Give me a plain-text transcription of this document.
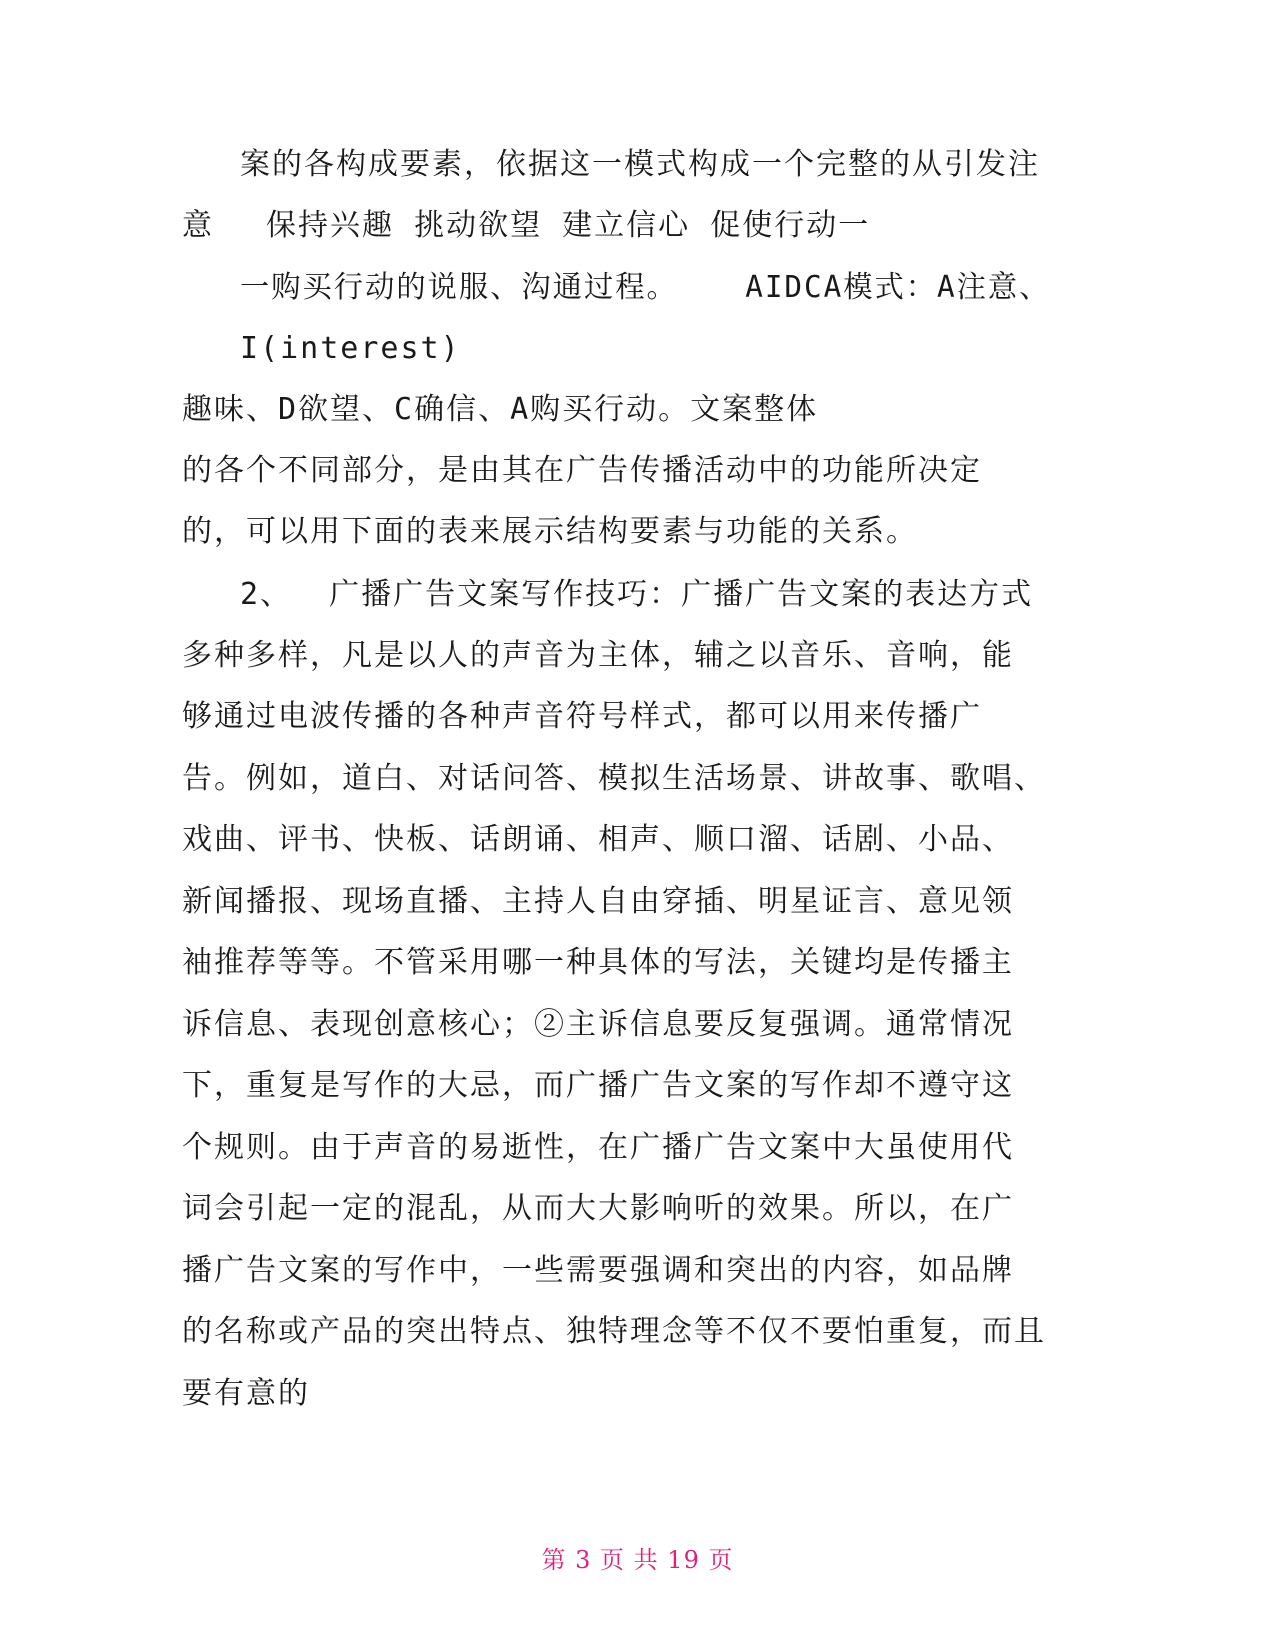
案的各构成要素，依据这一模式构成一个完整的从引发注
意　 保持兴趣 挑动欲望 建立信心 促使行动一
一购买行动的说服、沟通过程。　　 AIDCA模式：A注意、
I(interest)
趣味、D欲望、C确信、A购买行动。文案整体
的各个不同部分，是由其在广告传播活动中的功能所决定
的，可以用下面的表来展示结构要素与功能的关系。
2、　 广播广告文案写作技巧：广播广告文案的表达方式
多种多样，凡是以人的声音为主体，辅之以音乐、音响，能
够通过电波传播的各种声音符号样式，都可以用来传播广
告。例如，道白、对话问答、模拟生活场景、讲故事、歌唱、
戏曲、评书、快板、话朗诵、相声、顺口溜、话剧、小品、
新闻播报、现场直播、主持人自由穿插、明星证言、意见领
袖推荐等等。不管采用哪一种具体的写法，关键均是传播主
诉信息、表现创意核心；②主诉信息要反复强调。通常情况
下，重复是写作的大忌，而广播广告文案的写作却不遵守这
个规则。由于声音的易逝性，在广播广告文案中大虽使用代
词会引起一定的混乱，从而大大影响听的效果。所以，在广
播广告文案的写作中，一些需要强调和突出的内容，如品牌
的名称或产品的突出特点、独特理念等不仅不要怕重复，而且
要有意的
第 3 页 共 19 页
